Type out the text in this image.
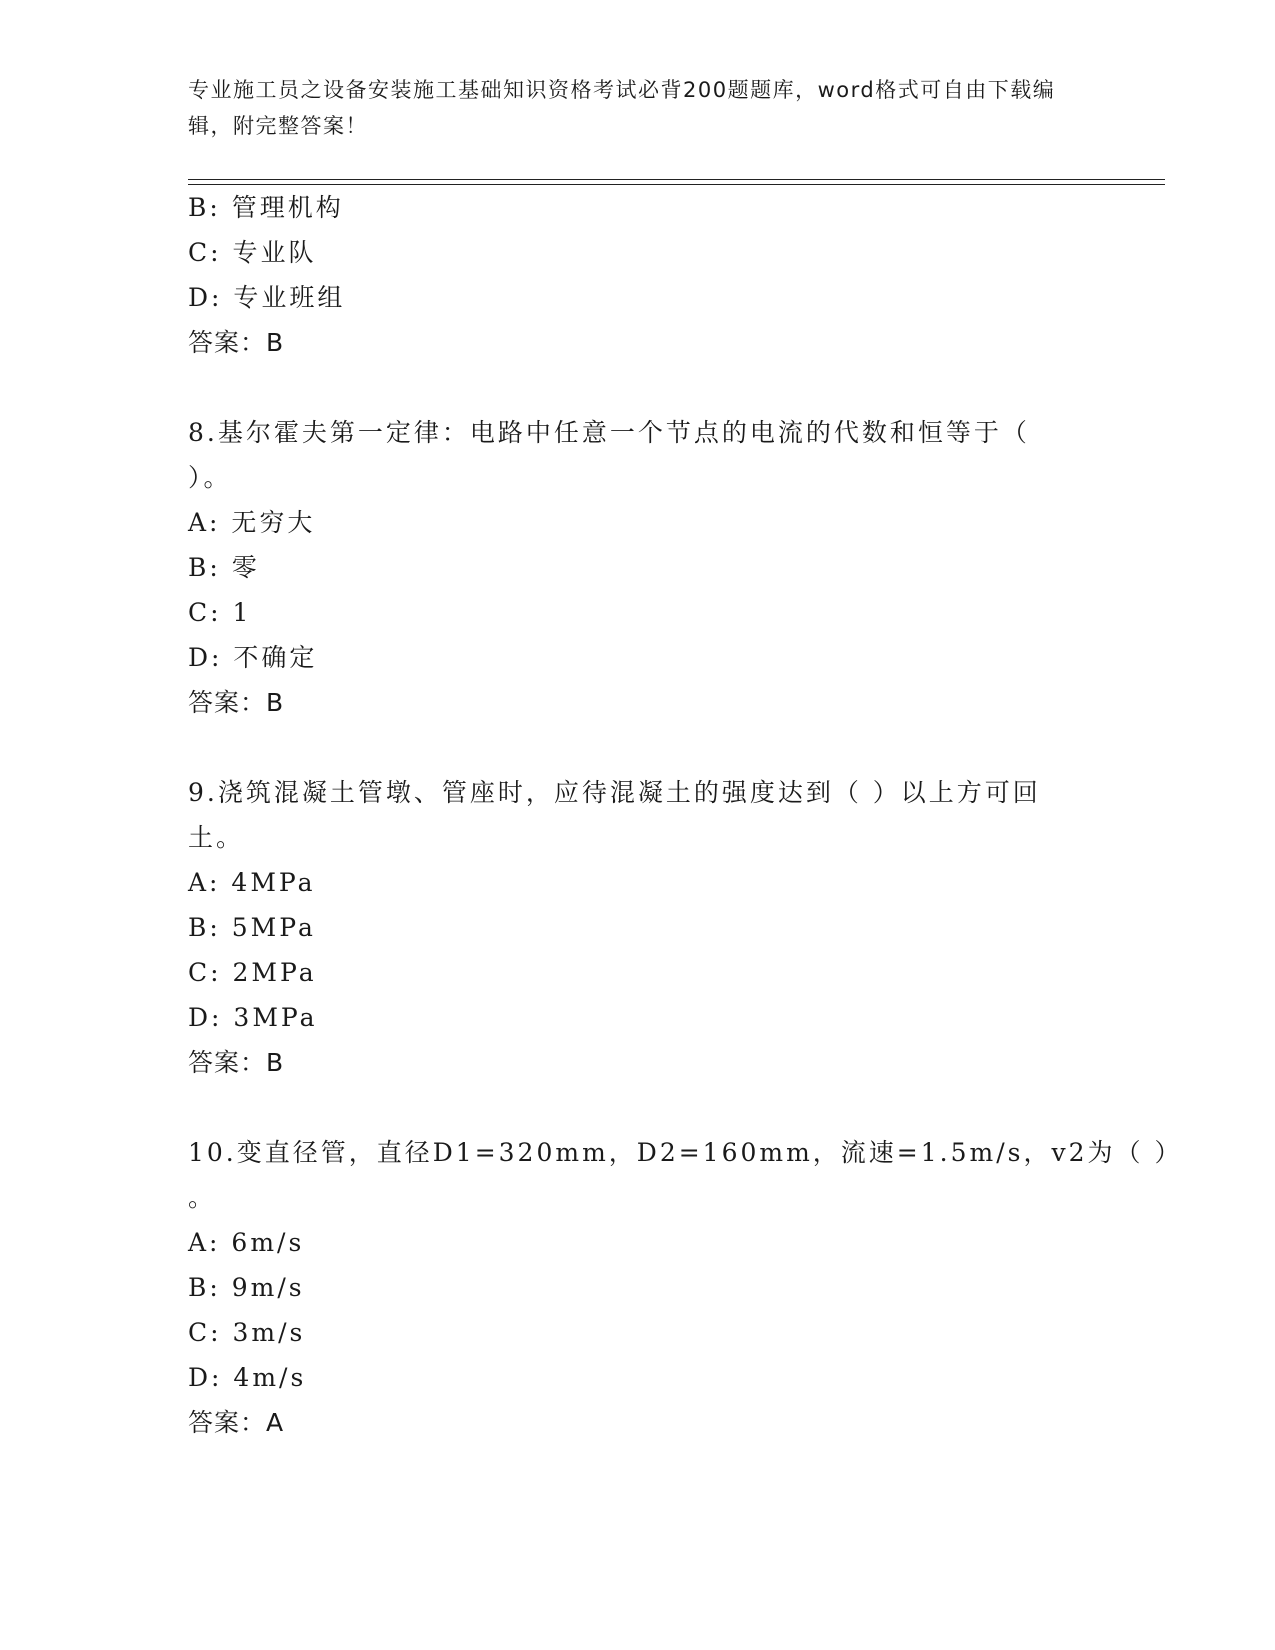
专业施工员之设备安装施工基础知识资格考试必背200题题库，word格式可自由下载编辑，附完整答案！
B: 管理机构
C: 专业队
D: 专业班组
答案：B
8.基尔霍夫第一定律：电路中任意一个节点的电流的代数和恒等于（
）。
A: 无穷大
B: 零
C: 1
D: 不确定
答案：B
9.浇筑混凝土管墩、管座时，应待混凝土的强度达到（ ）以上方可回
土。
A: 4MPa
B: 5MPa
C: 2MPa
D: 3MPa
答案：B
10.变直径管，直径D1=320mm，D2=160mm，流速=1.5m/s，v2为（ ）
。
A: 6m/s
B: 9m/s
C: 3m/s
D: 4m/s
答案：A
